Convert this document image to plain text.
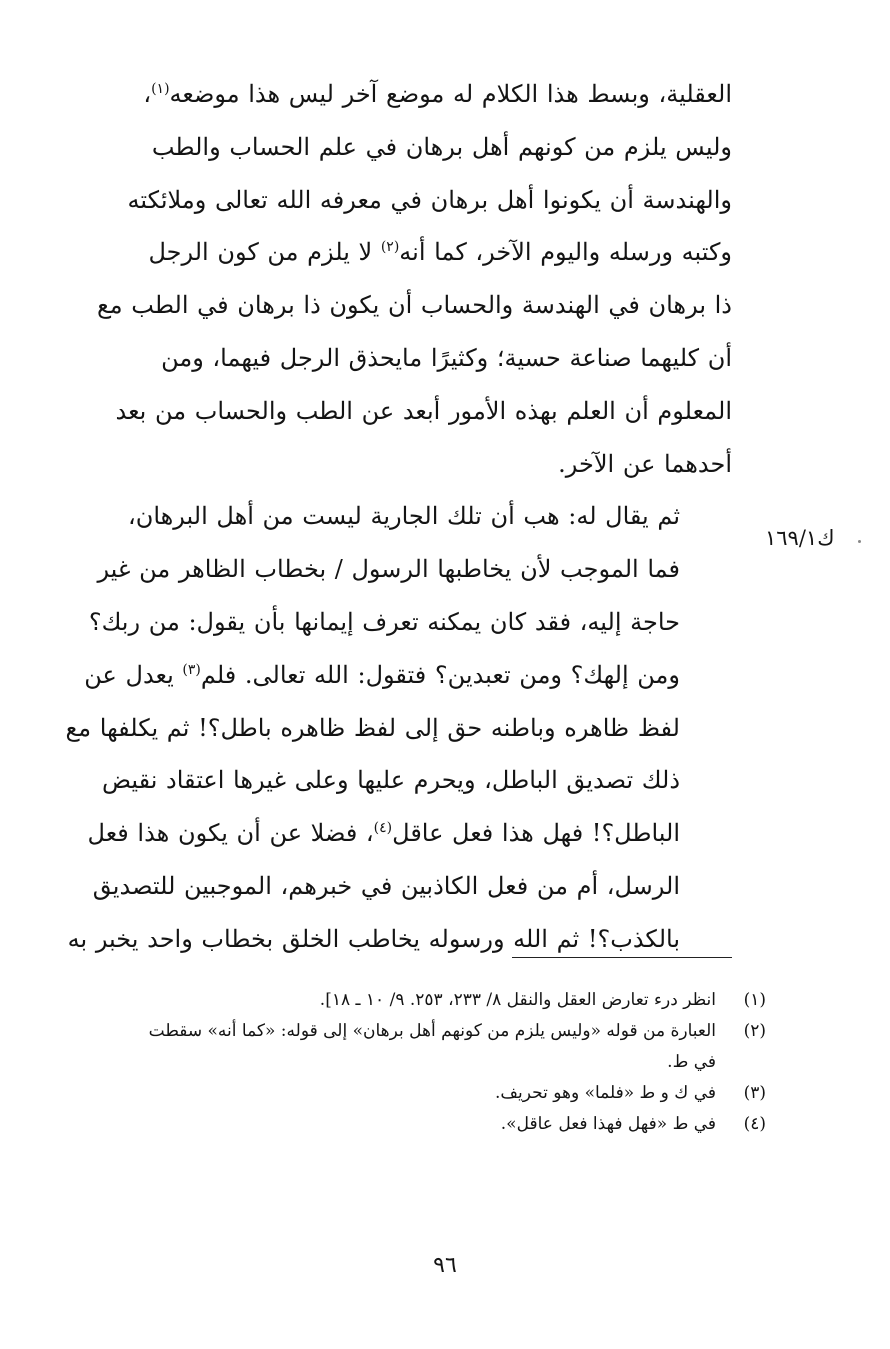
العقلية، وبسط هذا الكلام له موضع آخر ليس هذا موضعه$^{(١)}$،
وليس يلزم من كونهم أهل برهان في علم الحساب والطب
والهندسة أن يكونوا أهل برهان في معرفه الله تعالى وملائكته
وكتبه ورسله واليوم الآخر، كما أنه$^{(٢)}$ لا يلزم من كون الرجل
ذا برهان في الهندسة والحساب أن يكون ذا برهان في الطب مع
أن كليهما صناعة حسية؛ وكثيرًا مايحذق الرجل فيهما، ومن
المعلوم أن العلم بهذه الأمور أبعد عن الطب والحساب من بعد
أحدهما عن الآخر.

ثم يقال له: هب أن تلك الجارية ليست من أهل البرهان،
فما الموجب لأن يخاطبها الرسول / بخطاب الظاهر من غير
حاجة إليه، فقد كان يمكنه تعرف إيمانها بأن يقول: من ربك؟
ومن إلهك؟ ومن تعبدين؟ فتقول: الله تعالى. فلم$^{(٣)}$ يعدل عن
لفظ ظاهره وباطنه حق إلى لفظ ظاهره باطل؟! ثم يكلفها مع
ذلك تصديق الباطل، ويحرم عليها وعلى غيرها اعتقاد نقيض
الباطل؟! فهل هذا فعل عاقل$^{(٤)}$، فضلا عن أن يكون هذا فعل
الرسل، أم من فعل الكاذبين في خبرهم، الموجبين للتصديق
بالكذب؟! ثم الله ورسوله يخاطب الخلق بخطاب واحد يخبر به

ك١٦٩/١
(١)
انظر درء تعارض العقل والنقل ٨/ ٢٣٣، ٢٥٣. ٩/ ١٠ ـ ١٨].
(٢)
العبارة من قوله «وليس يلزم من كونهم أهل برهان» إلى قوله: «كما أنه» سقطت
في ط.
(٣)
في ك و ط «فلما» وهو تحريف.
(٤)
في ط «فهل فهذا فعل عاقل».
٩٦
